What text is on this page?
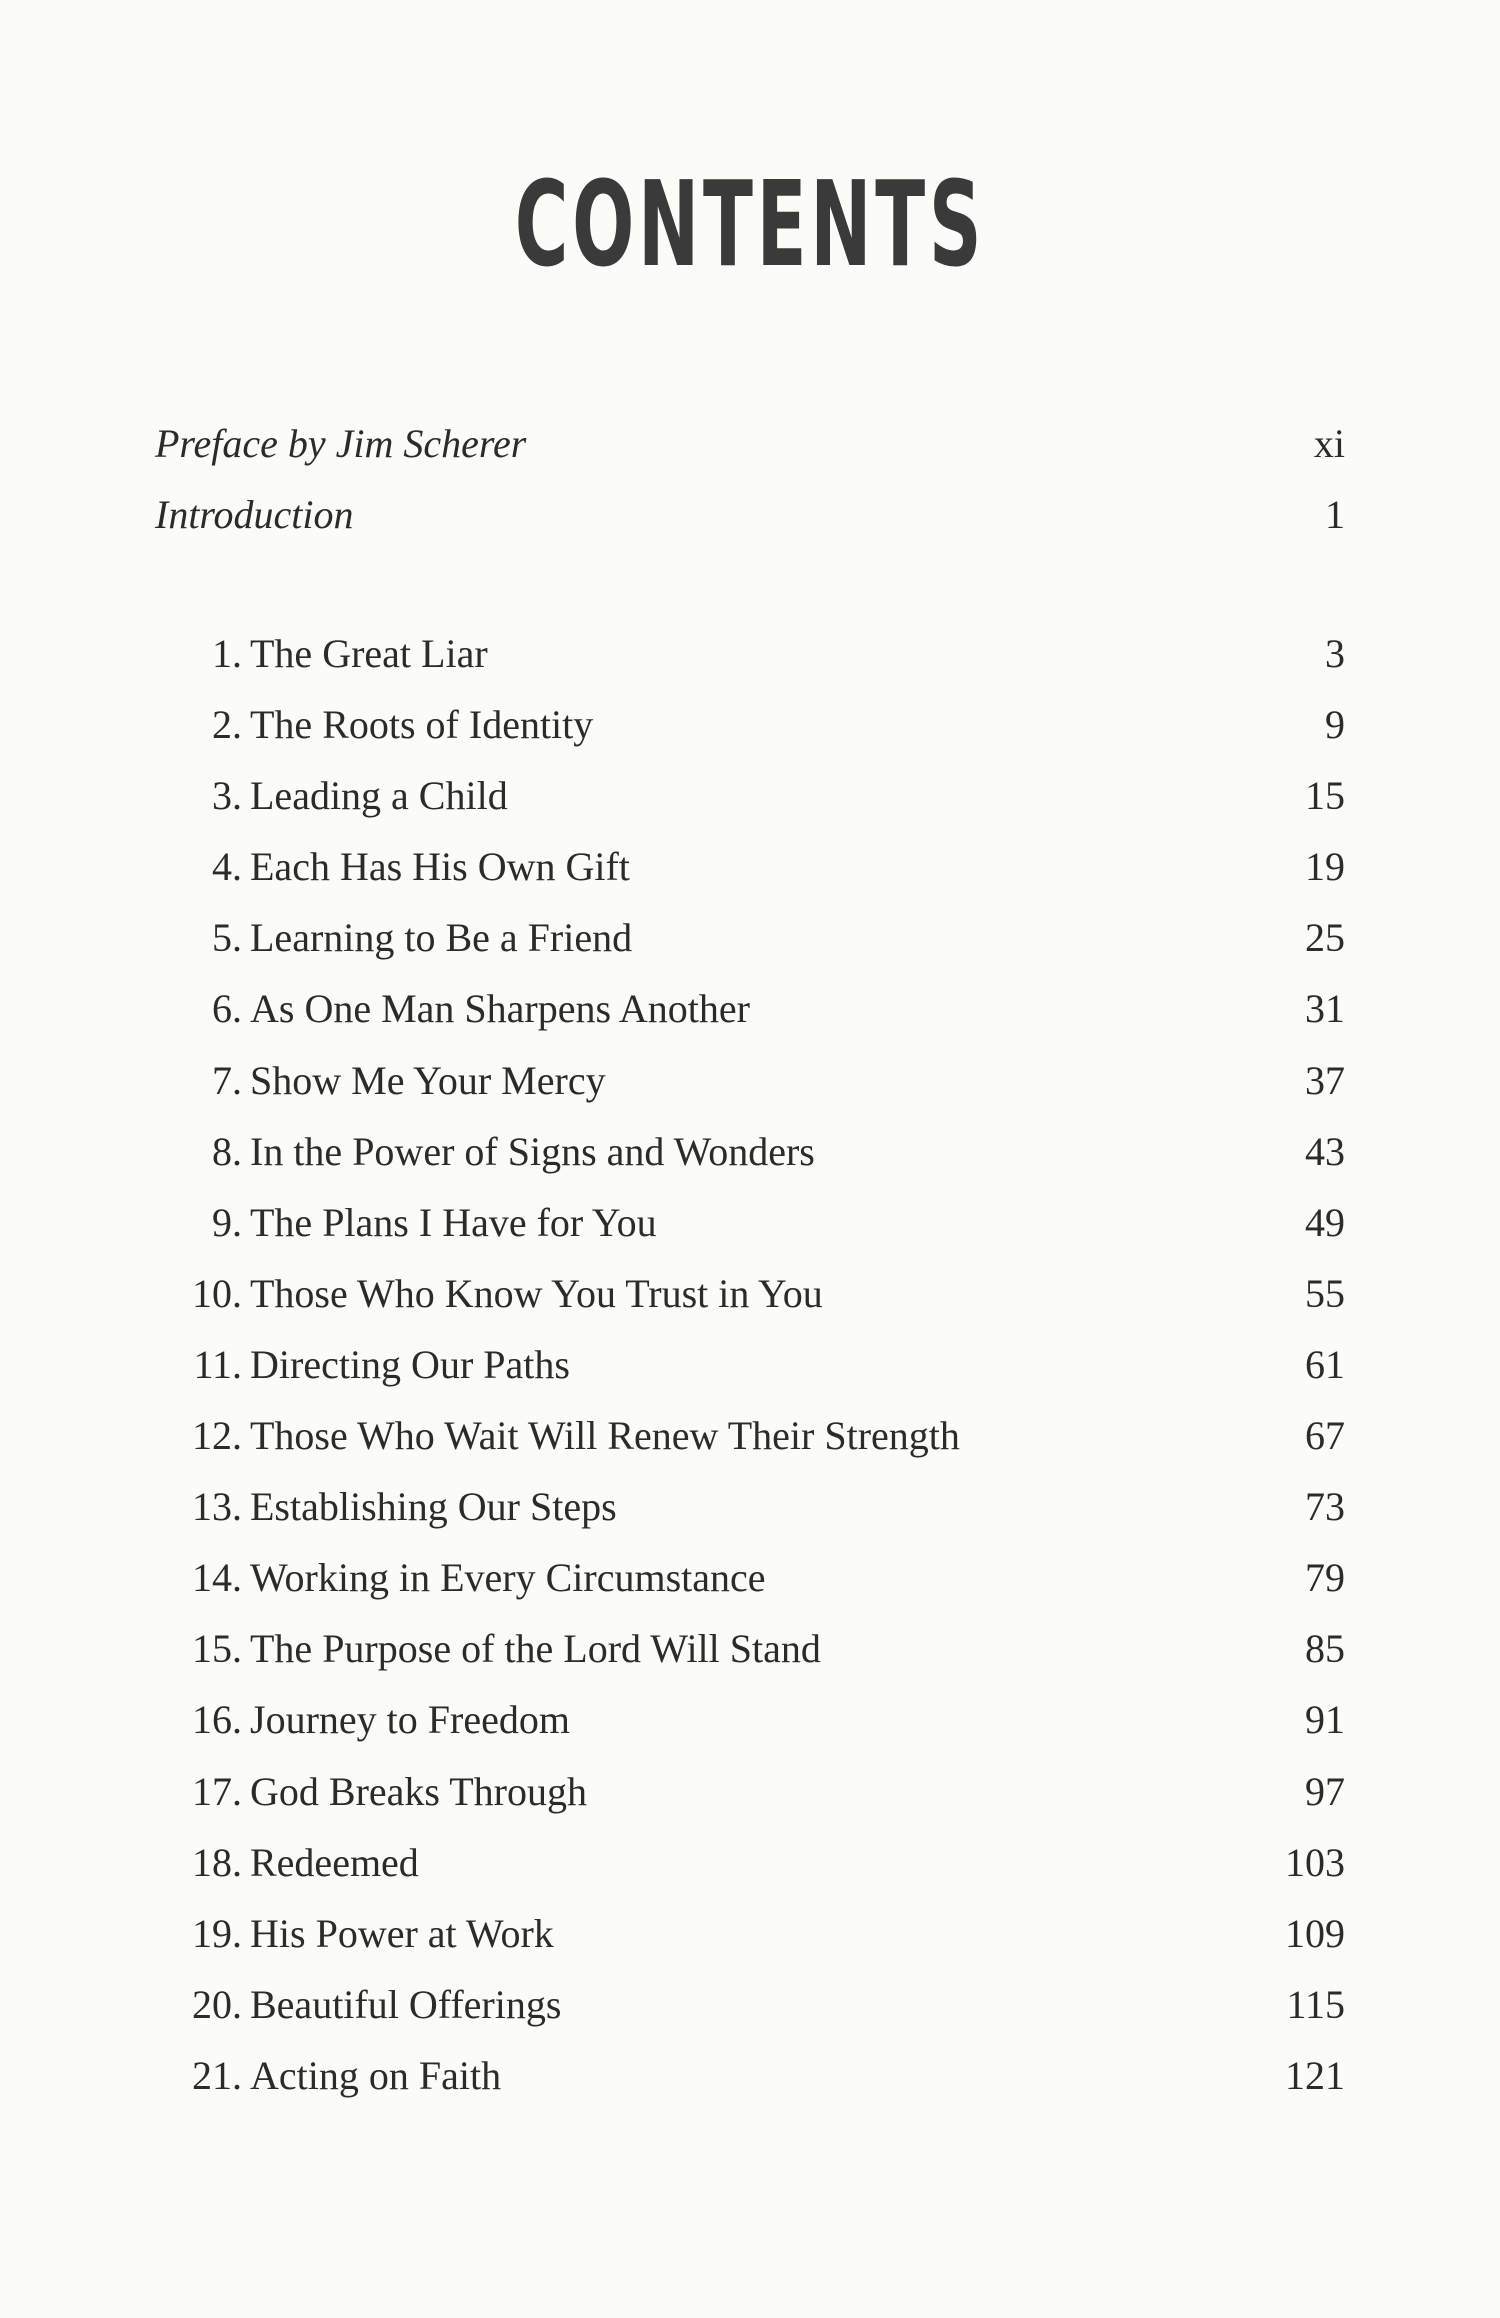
CONTENTS
Preface by Jim Scherer	xi
Introduction	1
1. The Great Liar	3
2. The Roots of Identity	9
3. Leading a Child	15
4. Each Has His Own Gift	19
5. Learning to Be a Friend	25
6. As One Man Sharpens Another	31
7. Show Me Your Mercy	37
8. In the Power of Signs and Wonders	43
9. The Plans I Have for You	49
10. Those Who Know You Trust in You	55
11. Directing Our Paths	61
12. Those Who Wait Will Renew Their Strength	67
13. Establishing Our Steps	73
14. Working in Every Circumstance	79
15. The Purpose of the Lord Will Stand	85
16. Journey to Freedom	91
17. God Breaks Through	97
18. Redeemed	103
19. His Power at Work	109
20. Beautiful Offerings	115
21. Acting on Faith	121
